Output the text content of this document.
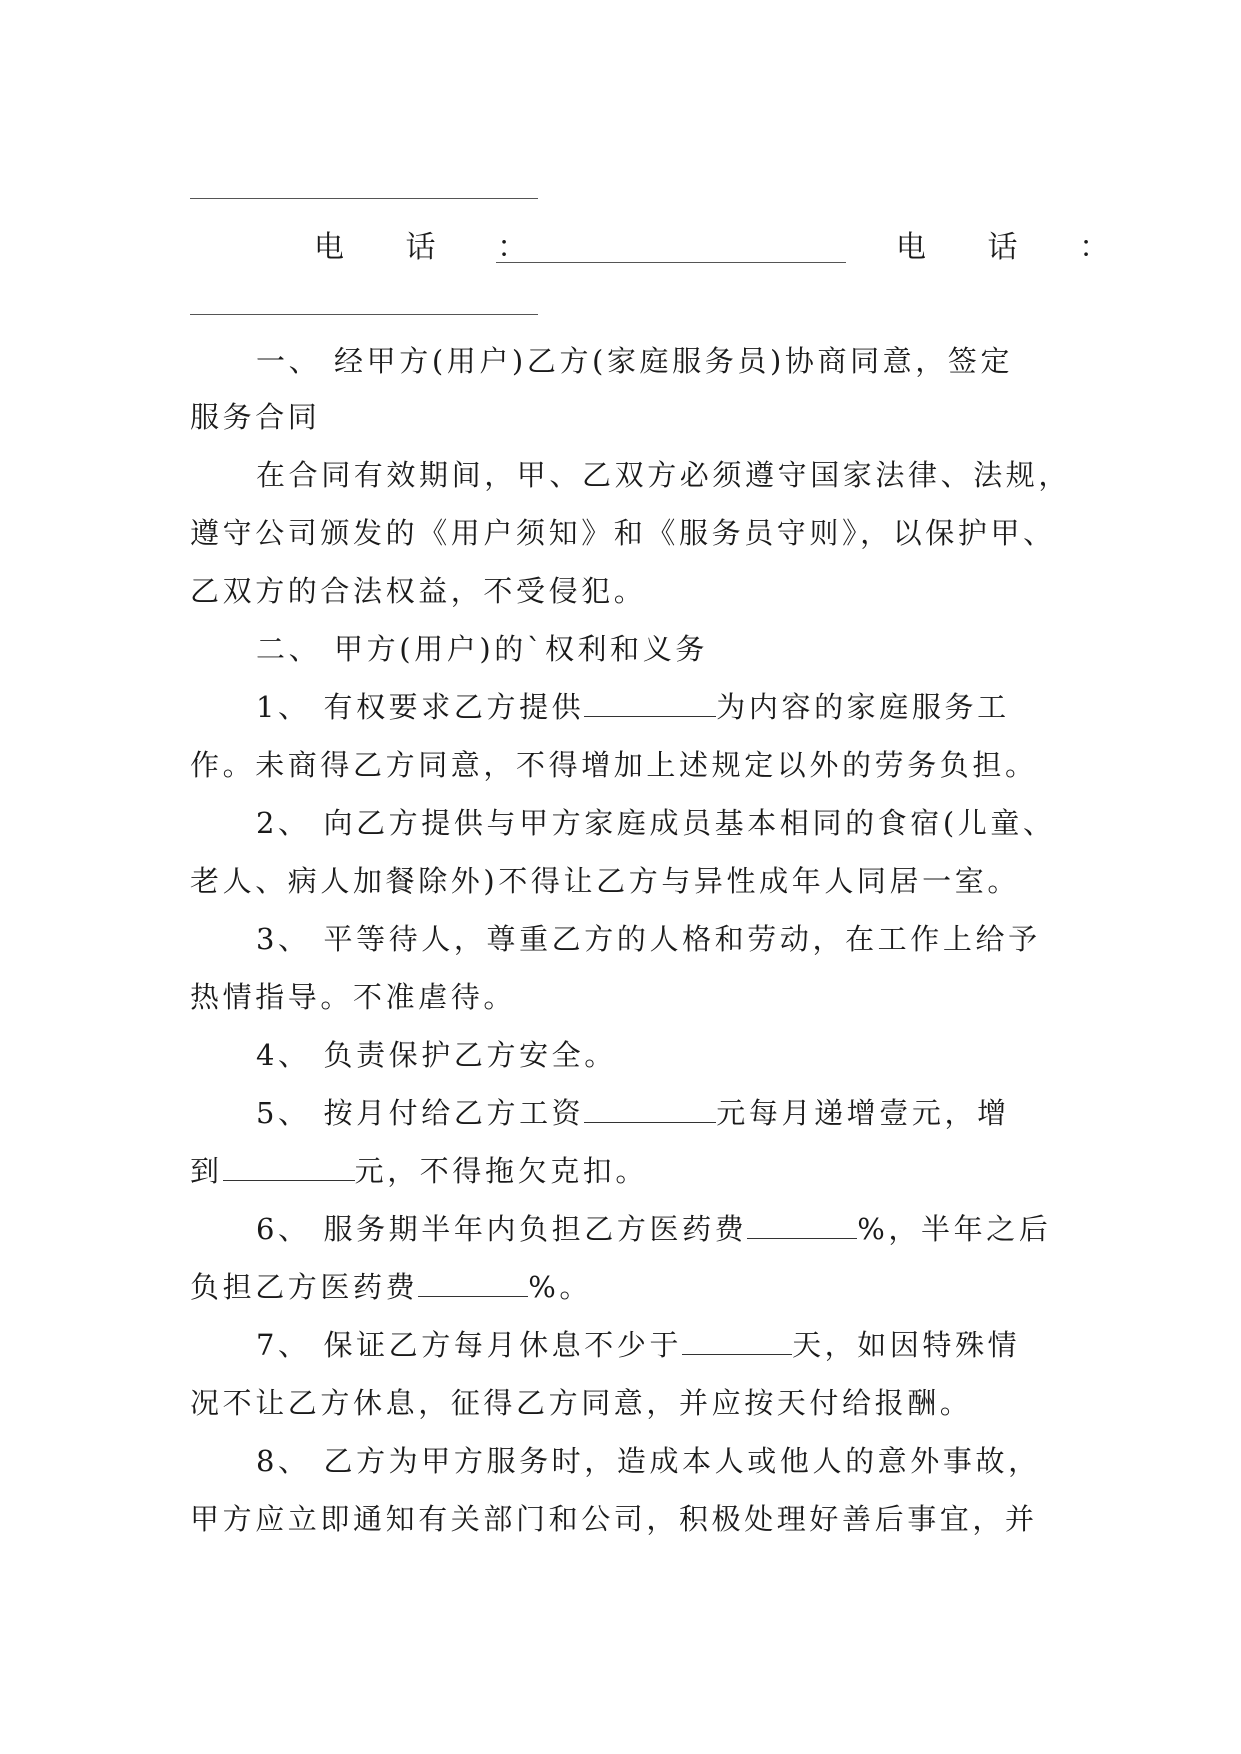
电 话 ：	电 话 ：
一、 经甲方(用户)乙方(家庭服务员)协商同意，签定
服务合同
在合同有效期间，甲、乙双方必须遵守国家法律、法规，
遵守公司颁发的《用户须知》和《服务员守则》，以保护甲、
乙双方的合法权益，不受侵犯。
二、 甲方(用户)的`权利和义务
1、 有权要求乙方提供	为内容的家庭服务工
作。未商得乙方同意，不得增加上述规定以外的劳务负担。
2、 向乙方提供与甲方家庭成员基本相同的食宿(儿童、
老人、病人加餐除外)不得让乙方与异性成年人同居一室。
3、 平等待人，尊重乙方的人格和劳动，在工作上给予
热情指导。不准虐待。
4、 负责保护乙方安全。
5、 按月付给乙方工资	元每月递增壹元，增
到	元，不得拖欠克扣。
6、 服务期半年内负担乙方医药费	%，半年之后
负担乙方医药费	%。
7、 保证乙方每月休息不少于	天，如因特殊情
况不让乙方休息，征得乙方同意，并应按天付给报酬。
8、 乙方为甲方服务时，造成本人或他人的意外事故，
甲方应立即通知有关部门和公司，积极处理好善后事宜，并
